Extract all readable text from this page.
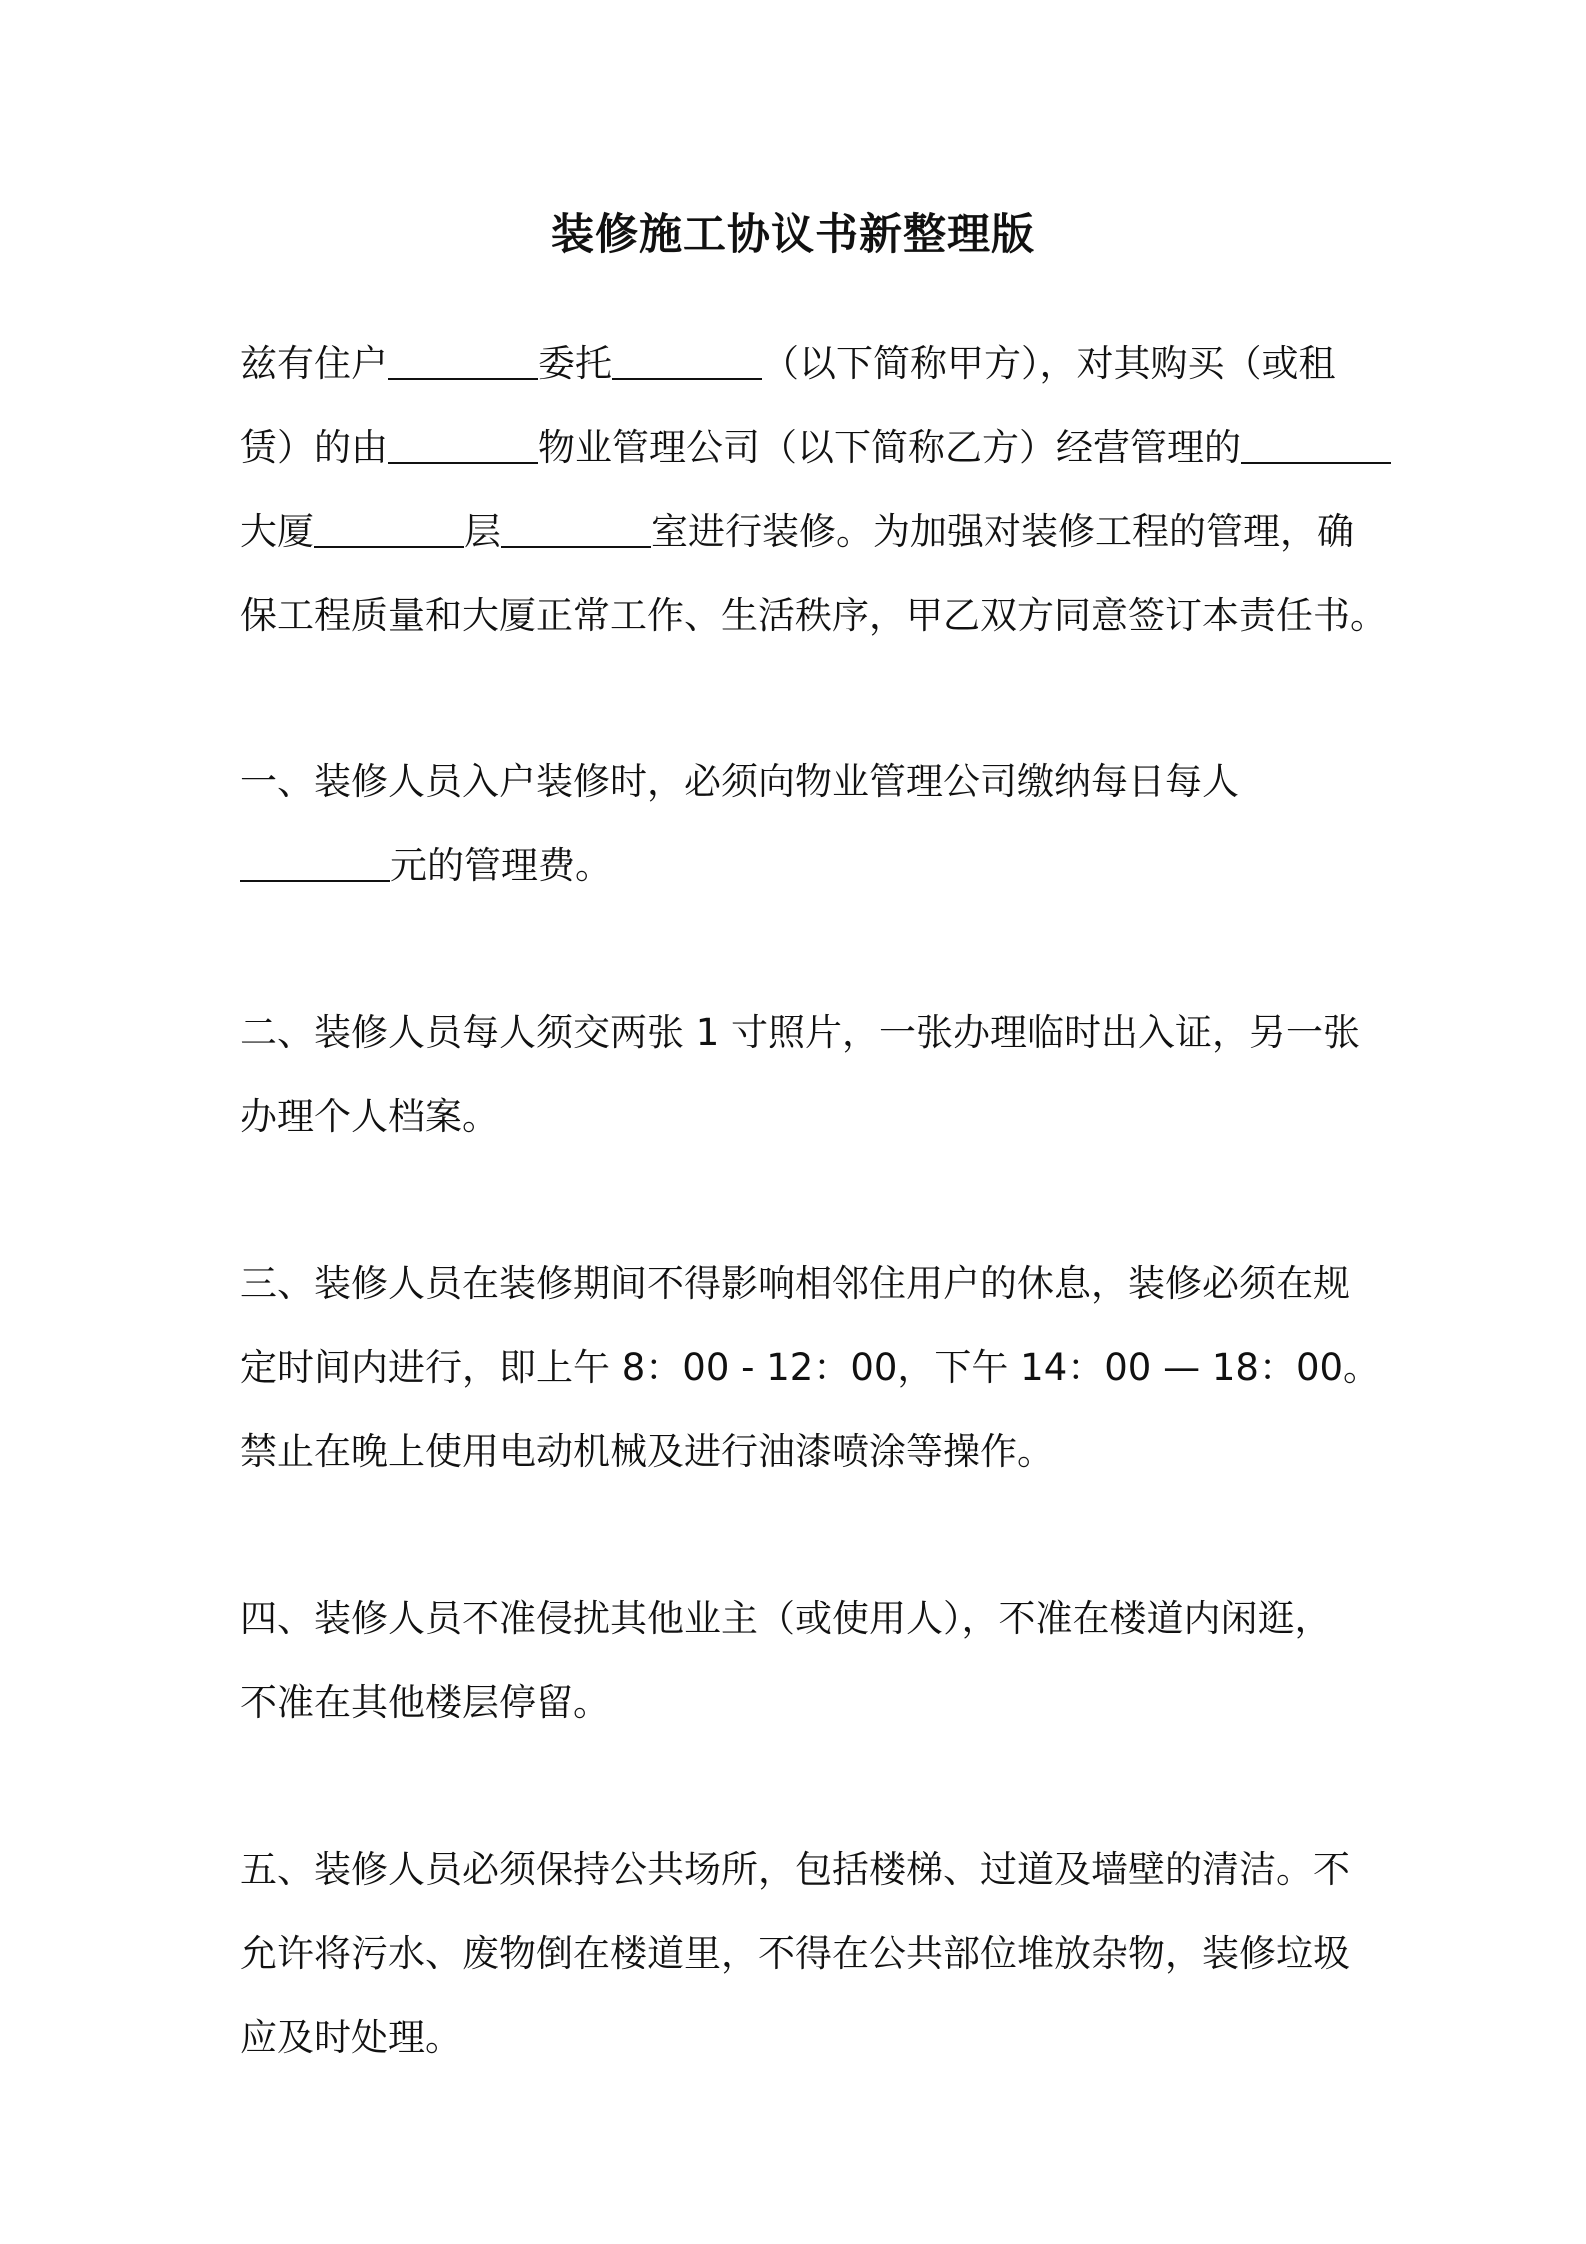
装修施工协议书新整理版
兹有住户	委托	（以下简称甲方），对其购买（或租
赁）的由	物业管理公司（以下简称乙方）经营管理的
大厦	层	室进行装修。为加强对装修工程的管理，确
保工程质量和大厦正常工作、生活秩序，甲乙双方同意签订本责任书。
一、装修人员入户装修时，必须向物业管理公司缴纳每日每人
元的管理费。
二、装修人员每人须交两张 1 寸照片，一张办理临时出入证，另一张
办理个人档案。
三、装修人员在装修期间不得影响相邻住用户的休息，装修必须在规
定时间内进行，即上午 8：00 - 12：00，下午 14：00 — 18：00。
禁止在晚上使用电动机械及进行油漆喷涂等操作。
四、装修人员不准侵扰其他业主（或使用人），不准在楼道内闲逛，
不准在其他楼层停留。
五、装修人员必须保持公共场所，包括楼梯、过道及墙壁的清洁。不
允许将污水、废物倒在楼道里，不得在公共部位堆放杂物，装修垃圾
应及时处理。
